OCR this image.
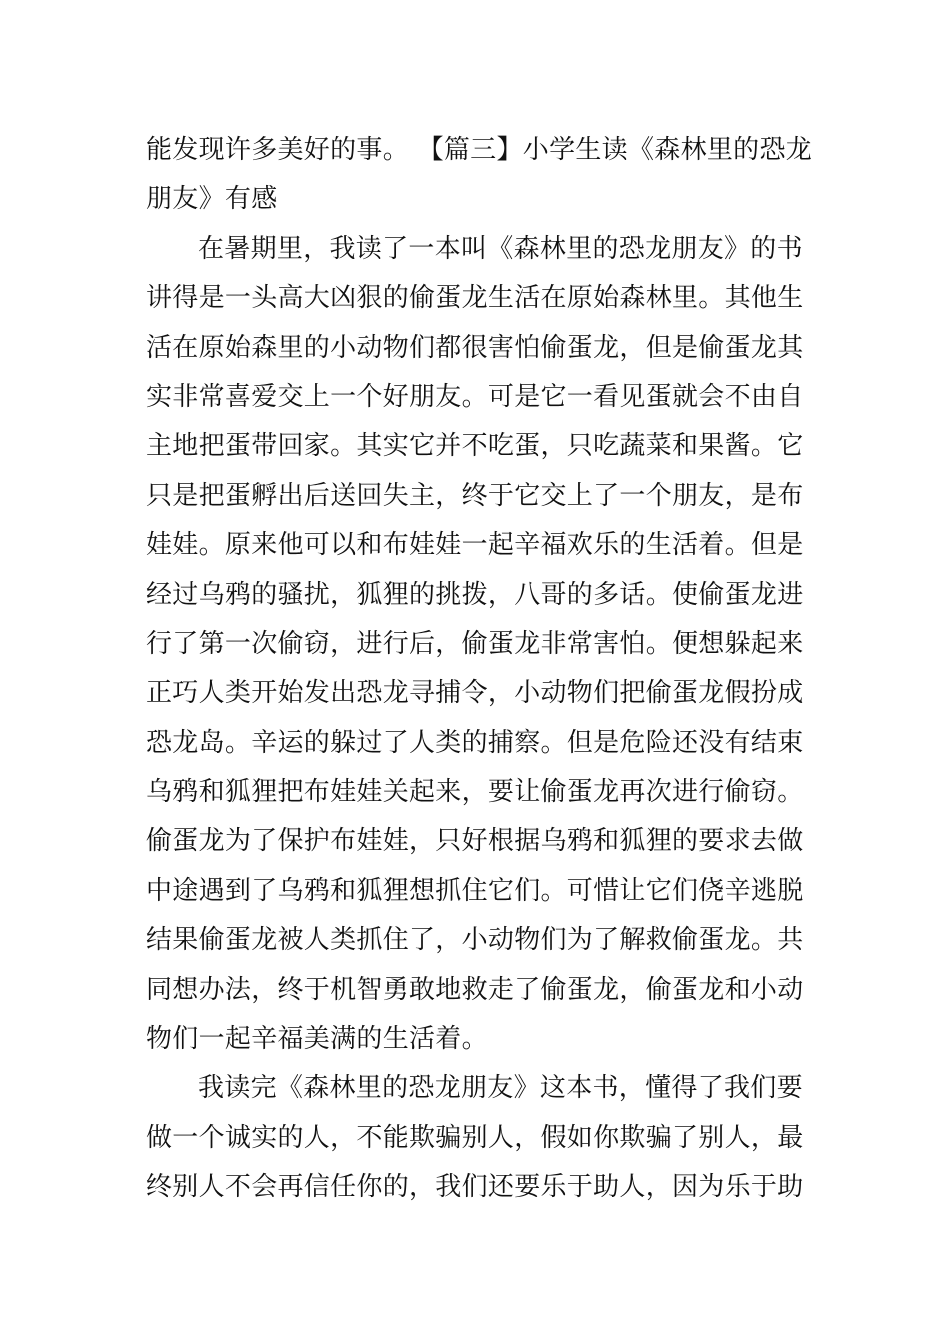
能发现许多美好的事。 【篇三】小学生读《森林里的恐龙
朋友》有感
在暑期里，我读了一本叫《森林里的恐龙朋友》的书
讲得是一头高大凶狠的偷蛋龙生活在原始森林里。其他生
活在原始森里的小动物们都很害怕偷蛋龙，但是偷蛋龙其
实非常喜爱交上一个好朋友。可是它一看见蛋就会不由自
主地把蛋带回家。其实它并不吃蛋，只吃蔬菜和果酱。它
只是把蛋孵出后送回失主，终于它交上了一个朋友，是布
娃娃。原来他可以和布娃娃一起辛福欢乐的生活着。但是
经过乌鸦的骚扰，狐狸的挑拨，八哥的多话。使偷蛋龙进
行了第一次偷窃，进行后，偷蛋龙非常害怕。便想躲起来
正巧人类开始发出恐龙寻捕令，小动物们把偷蛋龙假扮成
恐龙岛。辛运的躲过了人类的捕察。但是危险还没有结束
乌鸦和狐狸把布娃娃关起来，要让偷蛋龙再次进行偷窃。
偷蛋龙为了保护布娃娃，只好根据乌鸦和狐狸的要求去做
中途遇到了乌鸦和狐狸想抓住它们。可惜让它们侥辛逃脱
结果偷蛋龙被人类抓住了，小动物们为了解救偷蛋龙。共
同想办法，终于机智勇敢地救走了偷蛋龙，偷蛋龙和小动
物们一起辛福美满的生活着。
我读完《森林里的恐龙朋友》这本书，懂得了我们要
做一个诚实的人，不能欺骗别人，假如你欺骗了别人，最
终别人不会再信任你的，我们还要乐于助人，因为乐于助
